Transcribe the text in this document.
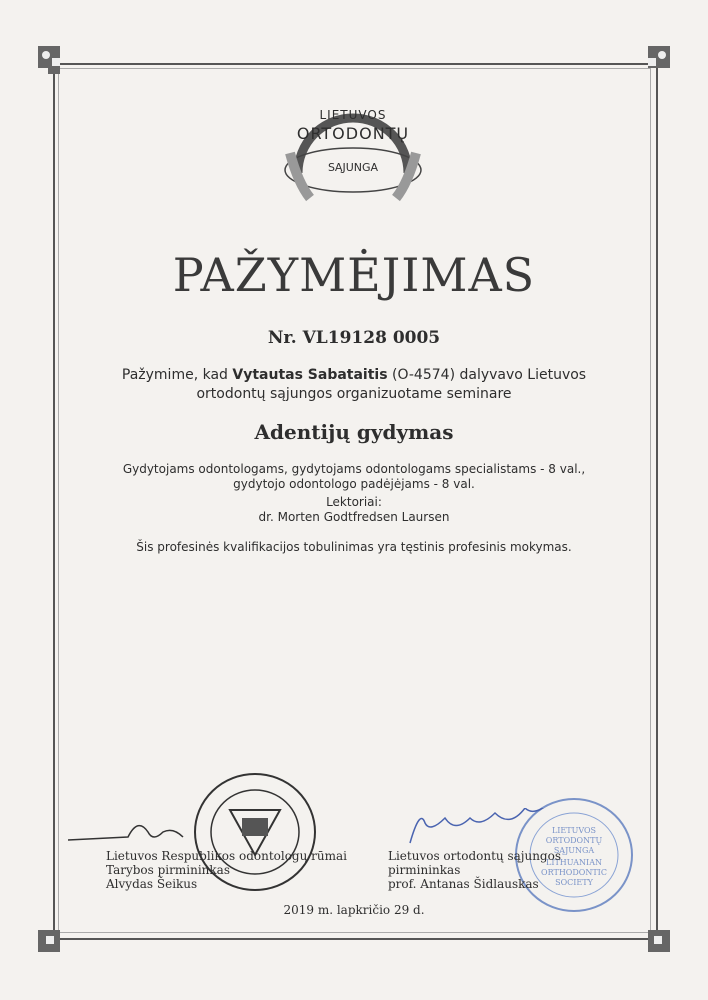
LIETUVOS
ORTODONTŲ
SĄJUNGA
PAŽYMĖJIMAS
Nr. VL19128 0005
Pažymime, kad Vytautas Sabataitis (O-4574) dalyvavo Lietuvos
ortodontų sąjungos organizuotame seminare
Adentijų gydymas
Gydytojams odontologams, gydytojams odontologams specialistams - 8 val.,
gydytojo odontologo padėjėjams - 8 val.
Lektoriai:
dr. Morten Godtfredsen Laursen
Šis profesinės kvalifikacijos tobulinimas yra tęstinis profesinis mokymas.
LIETUVOS
ORTODONTŲ
SĄJUNGA
LITHUANIAN
ORTHODONTIC
SOCIETY
Lietuvos Respublikos odontologų rūmai
Tarybos pirmininkas
Alvydas Šeikus
Lietuvos ortodontų sąjungos
pirmininkas
prof. Antanas Šidlauskas
2019 m. lapkričio 29 d.
